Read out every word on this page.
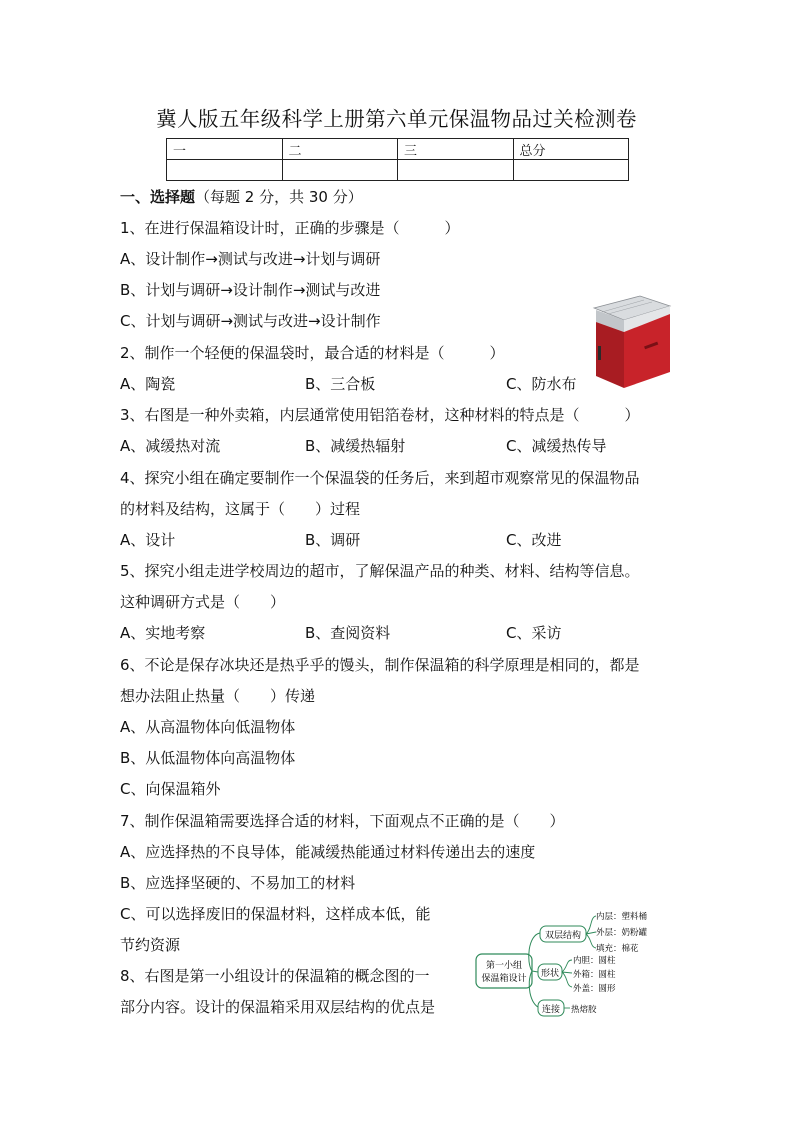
冀人版五年级科学上册第六单元保温物品过关检测卷
一	二	三	总分

一、选择题（每题 2 分，共 30 分）
1、在进行保温箱设计时，正确的步骤是（　　　）
A、设计制作→测试与改进→计划与调研
B、计划与调研→设计制作→测试与改进
C、计划与调研→测试与改进→设计制作
2、制作一个轻便的保温袋时，最合适的材料是（　　　）
A、陶瓷	B、三合板	C、防水布
3、右图是一种外卖箱，内层通常使用铝箔卷材，这种材料的特点是（　　　）
A、减缓热对流	B、减缓热辐射	C、减缓热传导
4、探究小组在确定要制作一个保温袋的任务后，来到超市观察常见的保温物品
的材料及结构，这属于（　　）过程
A、设计	B、调研	C、改进
5、探究小组走进学校周边的超市，了解保温产品的种类、材料、结构等信息。
这种调研方式是（　　）
A、实地考察	B、查阅资料	C、采访
6、不论是保存冰块还是热乎乎的馒头，制作保温箱的科学原理是相同的，都是
想办法阻止热量（　　）传递
A、从高温物体向低温物体
B、从低温物体向高温物体
C、向保温箱外
7、制作保温箱需要选择合适的材料，下面观点不正确的是（　　）
A、应选择热的不良导体，能减缓热能通过材料传递出去的速度
B、应选择坚硬的、不易加工的材料
C、可以选择废旧的保温材料，这样成本低，能
节约资源
8、右图是第一小组设计的保温箱的概念图的一
部分内容。设计的保温箱采用双层结构的优点是
第一小组
保温箱设计
双层结构
内层：塑料桶
外层：奶粉罐
填充：棉花
形状
内胆：圆柱
外箱：圆柱
外盖：圆形
连接 热熔胶
